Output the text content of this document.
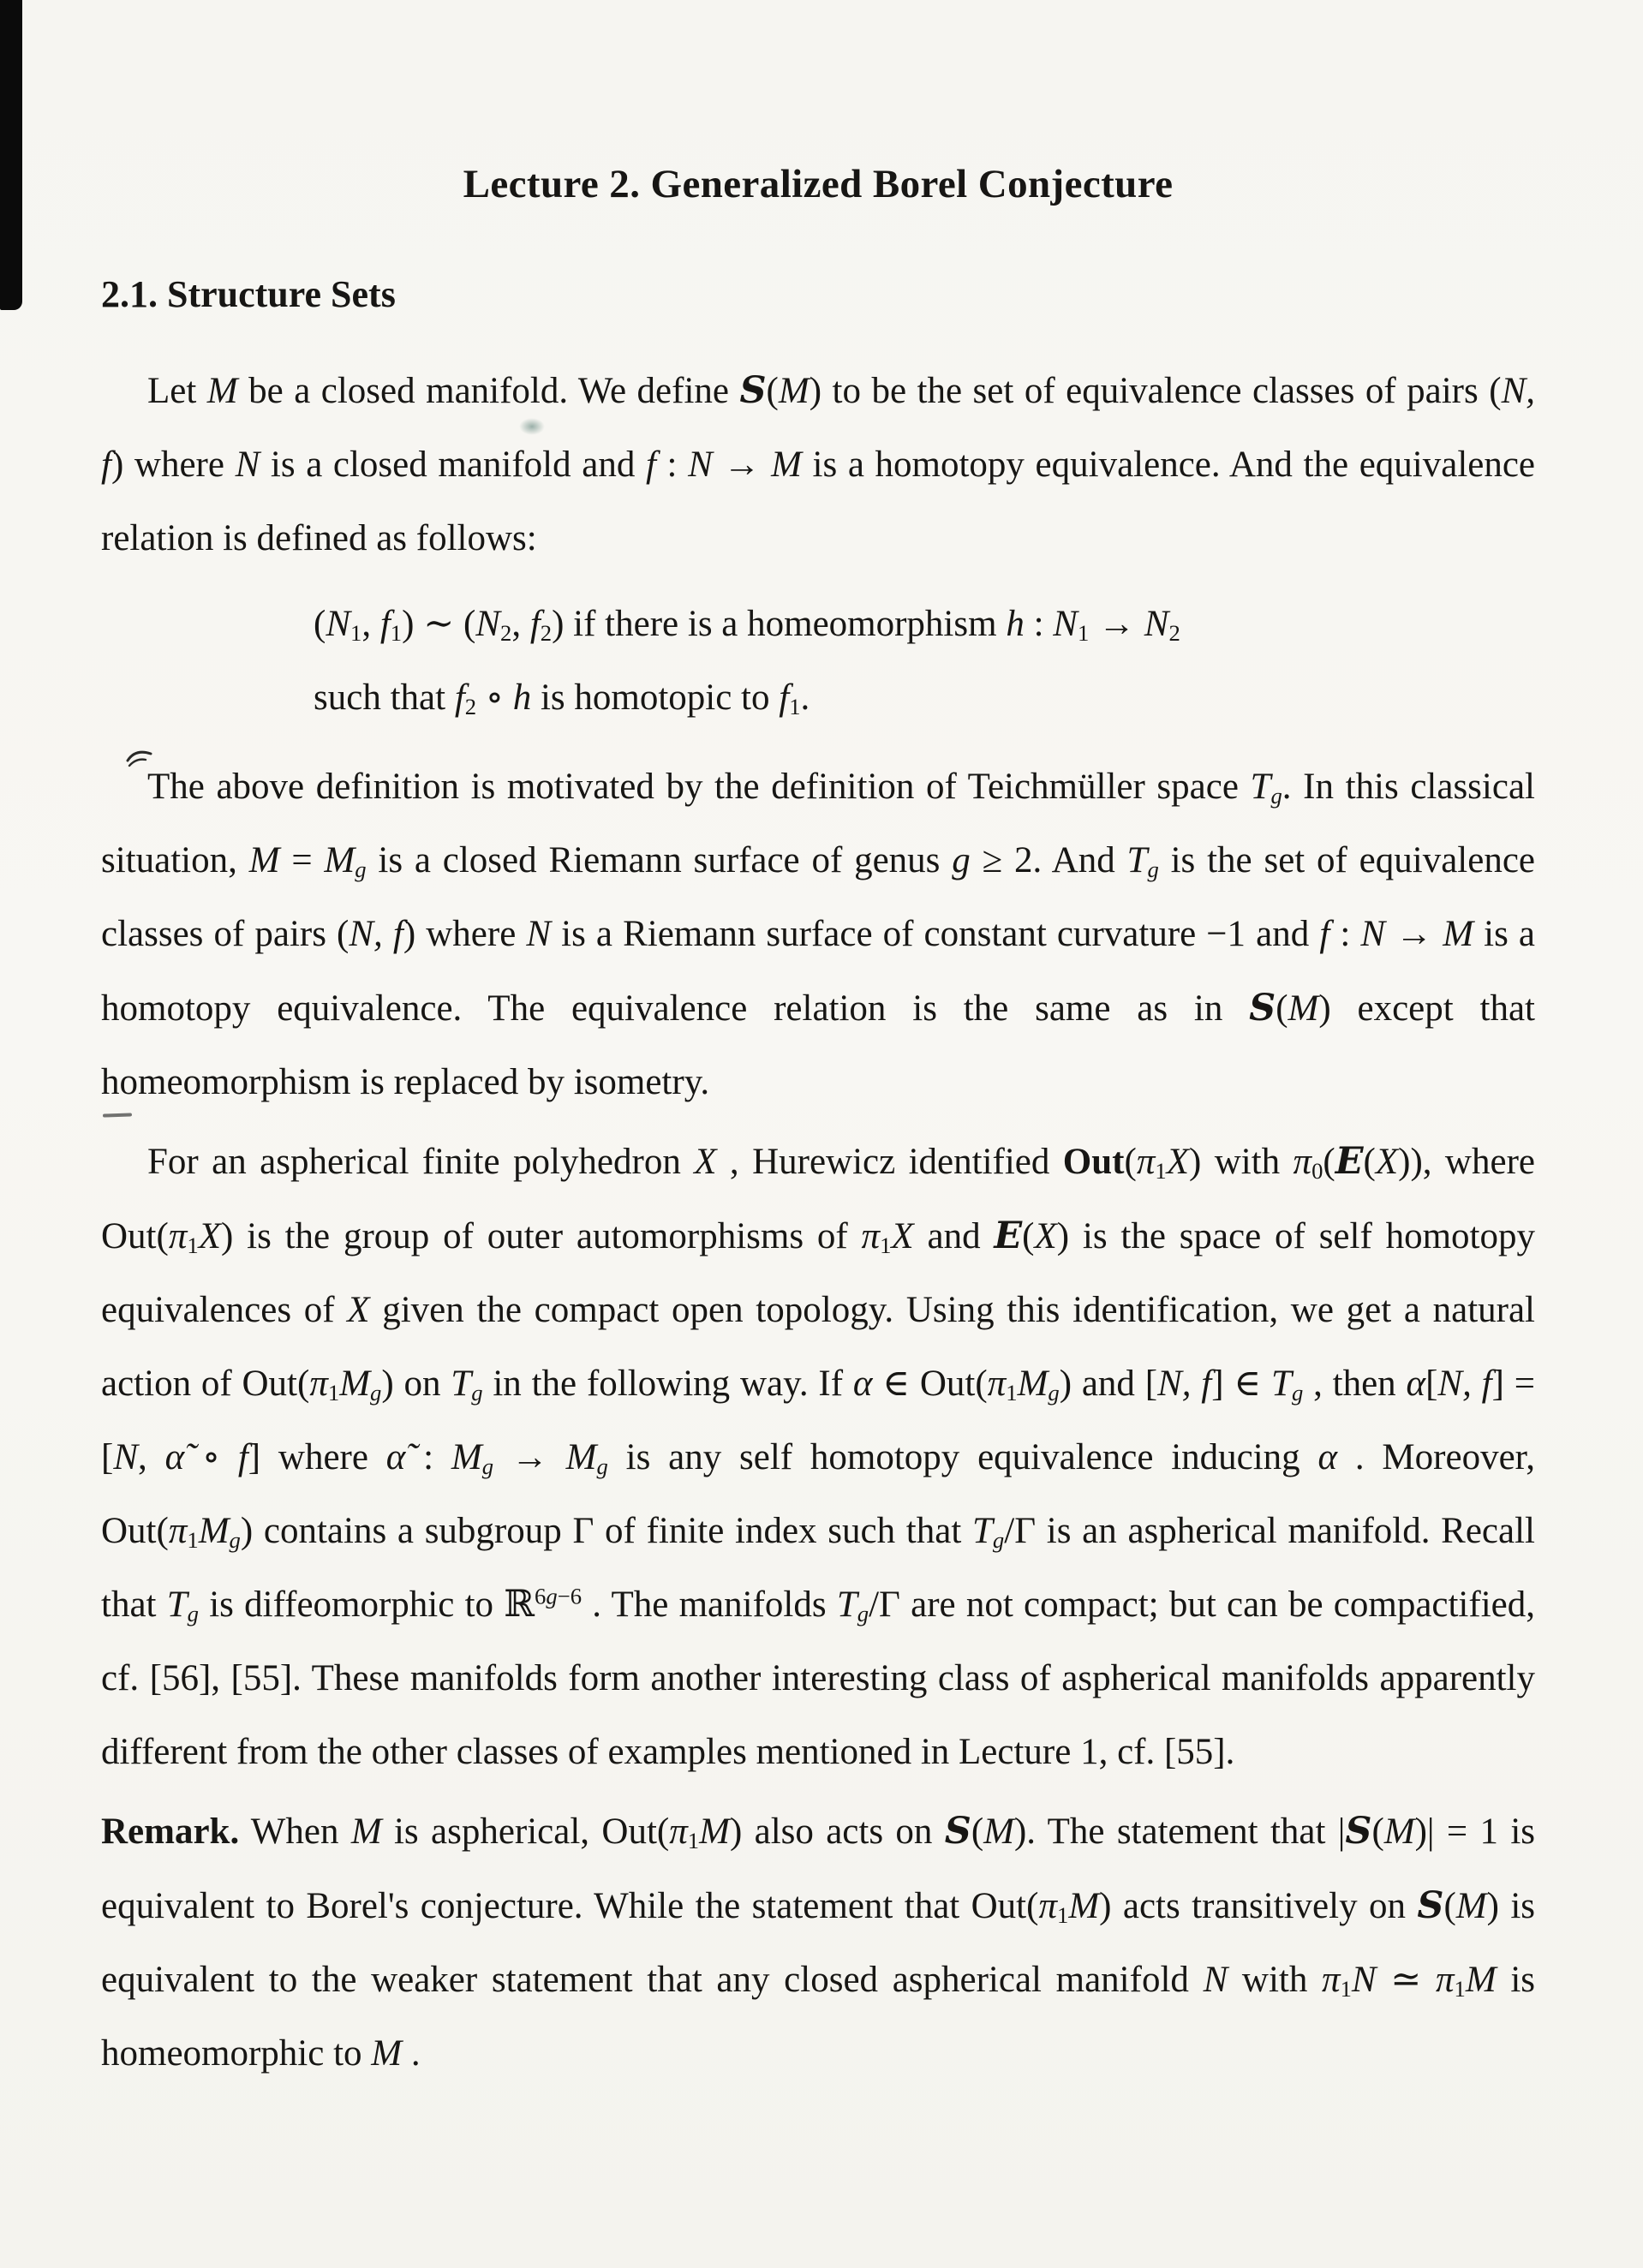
Lecture 2. Generalized Borel Conjecture
2.1. Structure Sets

Let M be a closed manifold. We define S(M) to be the set of equivalence classes of pairs (N, f) where N is a closed manifold and f : N → M is a homotopy equivalence. And the equivalence relation is defined as follows:

(N1, f1) ∼ (N2, f2) if there is a homeomorphism h : N1 → N2

such that f2 ∘ h is homotopic to f1.

The above definition is motivated by the definition of Teichmüller space Tg. In this classical situation, M = Mg is a closed Riemann surface of genus g ≥ 2. And Tg is the set of equivalence classes of pairs (N, f) where N is a Riemann surface of constant curvature −1 and f : N → M is a homotopy equivalence. The equivalence relation is the same as in S(M) except that homeomorphism is replaced by isometry.

For an aspherical finite polyhedron X , Hurewicz identified Out(π1X) with π0(E(X)), where Out(π1X) is the group of outer automorphisms of π1X and E(X) is the space of self homotopy equivalences of X given the compact open topology. Using this identification, we get a natural action of Out(π1Mg) on Tg in the following way. If α ∈ Out(π1Mg) and [N, f] ∈ Tg , then α[N, f] = [N, α̃ ∘ f] where α̃ : Mg → Mg is any self homotopy equivalence inducing α . Moreover, Out(π1Mg) contains a subgroup Γ of finite index such that Tg/Γ is an aspherical manifold. Recall that Tg is diffeomorphic to ℝ$^{6g-6}$ . The manifolds Tg/Γ are not compact; but can be compactified, cf. [56], [55]. These manifolds form another interesting class of aspherical manifolds apparently different from the other classes of examples mentioned in Lecture 1, cf. [55].

Remark. When M is aspherical, Out(π1M) also acts on S(M). The statement that |S(M)| = 1 is equivalent to Borel's conjecture. While the statement that Out(π1M) acts transitively on S(M) is equivalent to the weaker statement that any closed aspherical manifold N with π1N ≃ π1M is homeomorphic to M .
